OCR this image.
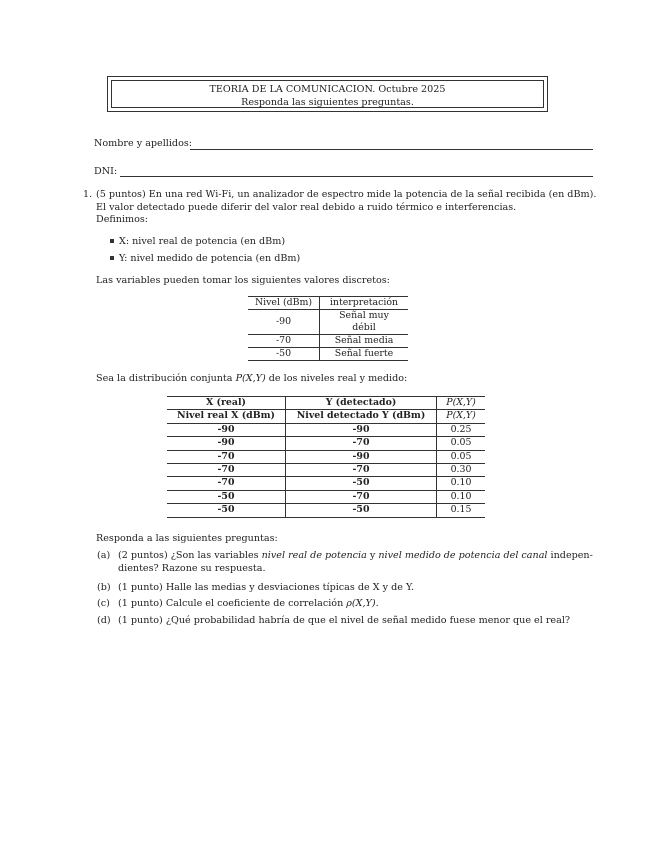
TEORIA DE LA COMUNICACION. Octubre 2025
Responda las siguientes preguntas.
Nombre y apellidos:
DNI:
1. (5 puntos) En una red Wi-Fi, un analizador de espectro mide la potencia de la señal recibida (en dBm).
El valor detectado puede diferir del valor real debido a ruido térmico e interferencias.
Definimos:
X: nivel real de potencia (en dBm)
Y: nivel medido de potencia (en dBm)
Las variables pueden tomar los siguientes valores discretos:
Nivel (dBm)	interpretación
-90	Señal muy débil
-70	Señal media
-50	Señal fuerte
Sea la distribución conjunta P(X,Y) de los niveles real y medido:
X (real)	Y (detectado)	P(X,Y)
Nivel real X (dBm)	Nivel detectado Y (dBm)	P(X,Y)
-90	-90	0.25
-90	-70	0.05
-70	-90	0.05
-70	-70	0.30
-70	-50	0.10
-50	-70	0.10
-50	-50	0.15
Responda a las siguientes preguntas:
(a) (2 puntos) ¿Son las variables nivel real de potencia y nivel medido de potencia del canal indepen-
dientes? Razone su respuesta.
(b) (1 punto) Halle las medias y desviaciones típicas de X y de Y.
(c) (1 punto) Calcule el coeficiente de correlación ρ(X,Y).
(d) (1 punto) ¿Qué probabilidad habría de que el nivel de señal medido fuese menor que el real?
